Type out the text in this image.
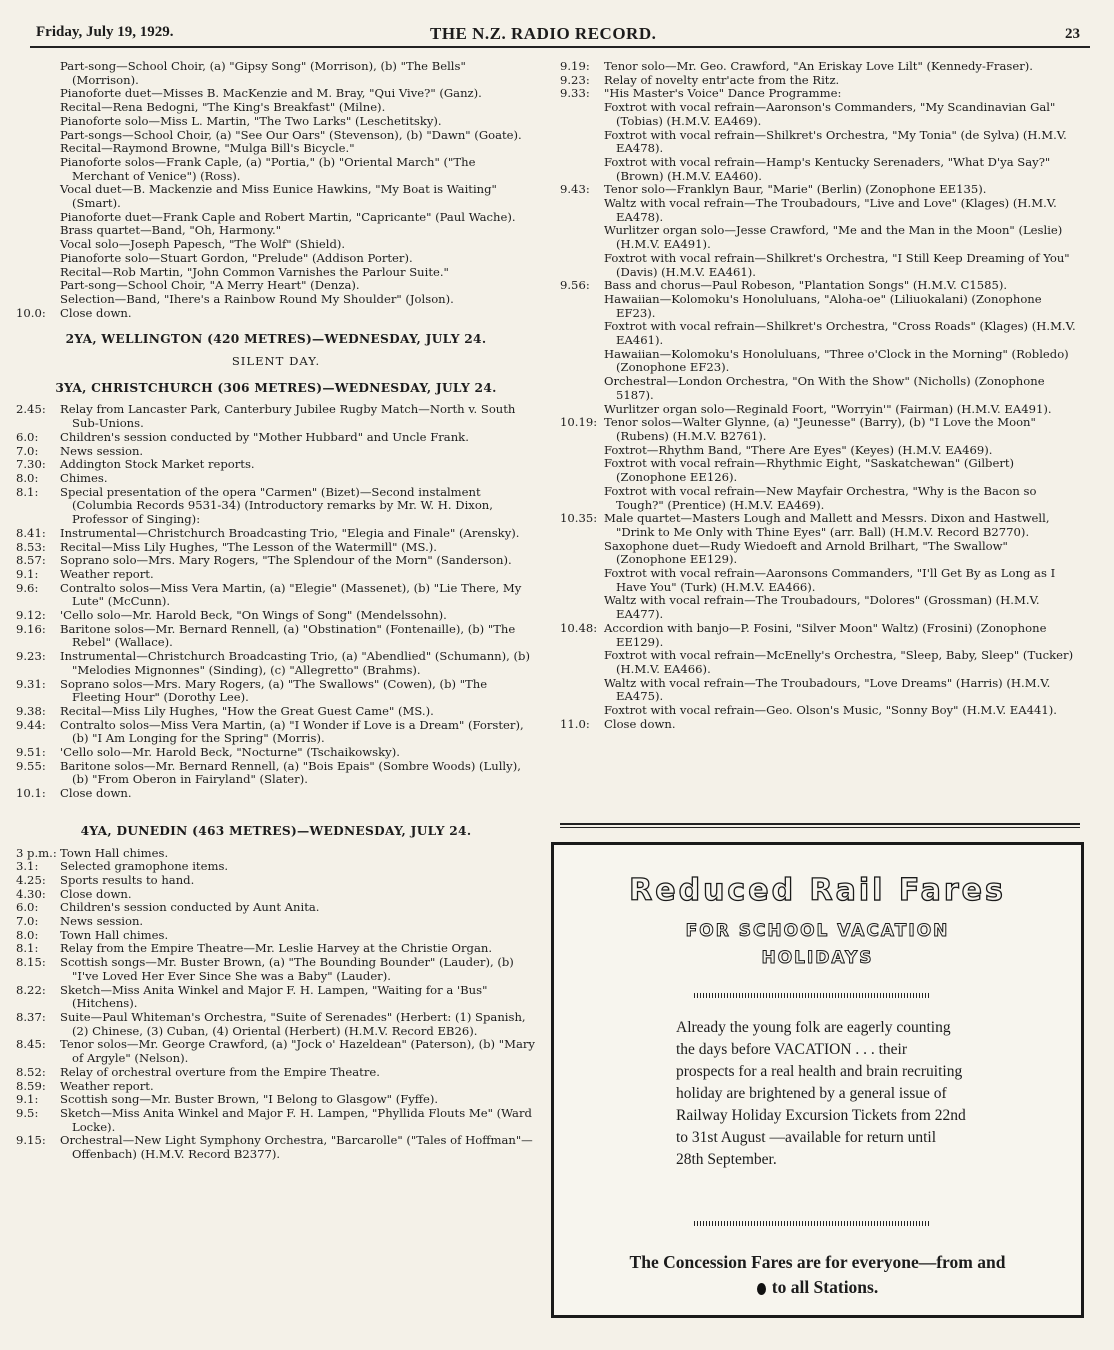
Friday, July 19, 1929.	THE N.Z. RADIO RECORD.	23
Part-song—School Choir, (a) "Gipsy Song" (Morrison), (b) "The Bells" (Morrison).
Pianoforte duet—Misses B. MacKenzie and M. Bray, "Qui Vive?" (Ganz).
Recital—Rena Bedogni, "The King's Breakfast" (Milne).
Pianoforte solo—Miss L. Martin, "The Two Larks" (Leschetitsky).
Part-songs—School Choir, (a) "See Our Oars" (Stevenson), (b) "Dawn" (Goate).
Recital—Raymond Browne, "Mulga Bill's Bicycle."
Pianoforte solos—Frank Caple, (a) "Portia," (b) "Oriental March" ("The Merchant of Venice") (Ross).
Vocal duet—B. Mackenzie and Miss Eunice Hawkins, "My Boat is Waiting" (Smart).
Pianoforte duet—Frank Caple and Robert Martin, "Capricante" (Paul Wache).
Brass quartet—Band, "Oh, Harmony."
Vocal solo—Joseph Papesch, "The Wolf" (Shield).
Pianoforte solo—Stuart Gordon, "Prelude" (Addison Porter).
Recital—Rob Martin, "John Common Varnishes the Parlour Suite."
Part-song—School Choir, "A Merry Heart" (Denza).
Selection—Band, "Ihere's a Rainbow Round My Shoulder" (Jolson).
10.0:	Close down.
2YA, WELLINGTON (420 METRES)—WEDNESDAY, JULY 24.
SILENT DAY.
3YA, CHRISTCHURCH (306 METRES)—WEDNESDAY, JULY 24.
2.45:	Relay from Lancaster Park, Canterbury Jubilee Rugby Match—North v. South Sub-Unions.
6.0:	Children's session conducted by "Mother Hubbard" and Uncle Frank.
7.0:	News session.
7.30:	Addington Stock Market reports.
8.0:	Chimes.
8.1:	Special presentation of the opera "Carmen" (Bizet)—Second instalment (Columbia Records 9531-34) (Introductory remarks by Mr. W. H. Dixon, Professor of Singing):
8.41:	Instrumental—Christchurch Broadcasting Trio, "Elegia and Finale" (Arensky).
8.53:	Recital—Miss Lily Hughes, "The Lesson of the Watermill" (MS.).
8.57:	Soprano solo—Mrs. Mary Rogers, "The Splendour of the Morn" (Sanderson).
9.1:	Weather report.
9.6:	Contralto solos—Miss Vera Martin, (a) "Elegie" (Massenet), (b) "Lie There, My Lute" (McCunn).
9.12:	'Cello solo—Mr. Harold Beck, "On Wings of Song" (Mendelssohn).
9.16:	Baritone solos—Mr. Bernard Rennell, (a) "Obstination" (Fontenaille), (b) "The Rebel" (Wallace).
9.23:	Instrumental—Christchurch Broadcasting Trio, (a) "Abendlied" (Schumann), (b) "Melodies Mignonnes" (Sinding), (c) "Allegretto" (Brahms).
9.31:	Soprano solos—Mrs. Mary Rogers, (a) "The Swallows" (Cowen), (b) "The Fleeting Hour" (Dorothy Lee).
9.38:	Recital—Miss Lily Hughes, "How the Great Guest Came" (MS.).
9.44:	Contralto solos—Miss Vera Martin, (a) "I Wonder if Love is a Dream" (Forster), (b) "I Am Longing for the Spring" (Morris).
9.51:	'Cello solo—Mr. Harold Beck, "Nocturne" (Tschaikowsky).
9.55:	Baritone solos—Mr. Bernard Rennell, (a) "Bois Epais" (Sombre Woods) (Lully), (b) "From Oberon in Fairyland" (Slater).
10.1:	Close down.
4YA, DUNEDIN (463 METRES)—WEDNESDAY, JULY 24.
3 p.m.: Town Hall chimes.
3.1:	Selected gramophone items.
4.25:	Sports results to hand.
4.30:	Close down.
6.0:	Children's session conducted by Aunt Anita.
7.0:	News session.
8.0:	Town Hall chimes.
8.1:	Relay from the Empire Theatre—Mr. Leslie Harvey at the Christie Organ.
8.15:	Scottish songs—Mr. Buster Brown, (a) "The Bounding Bounder" (Lauder), (b) "I've Loved Her Ever Since She was a Baby" (Lauder).
8.22:	Sketch—Miss Anita Winkel and Major F. H. Lampen, "Waiting for a 'Bus" (Hitchens).
8.37:	Suite—Paul Whiteman's Orchestra, "Suite of Serenades" (Herbert: (1) Spanish, (2) Chinese, (3) Cuban, (4) Oriental (Herbert) (H.M.V. Record EB26).
8.45:	Tenor solos—Mr. George Crawford, (a) "Jock o' Hazeldean" (Paterson), (b) "Mary of Argyle" (Nelson).
8.52:	Relay of orchestral overture from the Empire Theatre.
8.59:	Weather report.
9.1:	Scottish song—Mr. Buster Brown, "I Belong to Glasgow" (Fyffe).
9.5:	Sketch—Miss Anita Winkel and Major F. H. Lampen, "Phyllida Flouts Me" (Ward Locke).
9.15:	Orchestral—New Light Symphony Orchestra, "Barcarolle" ("Tales of Hoffman"—Offenbach) (H.M.V. Record B2377).
9.19:	Tenor solo—Mr. Geo. Crawford, "An Eriskay Love Lilt" (Kennedy-Fraser).
9.23:	Relay of novelty entr'acte from the Ritz.
9.33:	"His Master's Voice" Dance Programme:
Foxtrot with vocal refrain—Aaronson's Commanders, "My Scandinavian Gal" (Tobias) (H.M.V. EA469).
Foxtrot with vocal refrain—Shilkret's Orchestra, "My Tonia" (de Sylva) (H.M.V. EA478).
Foxtrot with vocal refrain—Hamp's Kentucky Serenaders, "What D'ya Say?" (Brown) (H.M.V. EA460).
9.43:	Tenor solo—Franklyn Baur, "Marie" (Berlin) (Zonophone EE135).
Waltz with vocal refrain—The Troubadours, "Live and Love" (Klages) (H.M.V. EA478).
Wurlitzer organ solo—Jesse Crawford, "Me and the Man in the Moon" (Leslie) (H.M.V. EA491).
Foxtrot with vocal refrain—Shilkret's Orchestra, "I Still Keep Dreaming of You" (Davis) (H.M.V. EA461).
9.56:	Bass and chorus—Paul Robeson, "Plantation Songs" (H.M.V. C1585).
Hawaiian—Kolomoku's Honoluluans, "Aloha-oe" (Liliuokalani) (Zonophone EF23).
Foxtrot with vocal refrain—Shilkret's Orchestra, "Cross Roads" (Klages) (H.M.V. EA461).
Hawaiian—Kolomoku's Honoluluans, "Three o'Clock in the Morning" (Robledo) (Zonophone EF23).
Orchestral—London Orchestra, "On With the Show" (Nicholls) (Zonophone 5187).
Wurlitzer organ solo—Reginald Foort, "Worryin'" (Fairman) (H.M.V. EA491).
10.19: Tenor solos—Walter Glynne, (a) "Jeunesse" (Barry), (b) "I Love the Moon" (Rubens) (H.M.V. B2761).
Foxtrot—Rhythm Band, "There Are Eyes" (Keyes) (H.M.V. EA469).
Foxtrot with vocal refrain—Rhythmic Eight, "Saskatchewan" (Gilbert) (Zonophone EE126).
Foxtrot with vocal refrain—New Mayfair Orchestra, "Why is the Bacon so Tough?" (Prentice) (H.M.V. EA469).
10.35: Male quartet—Masters Lough and Mallett and Messrs. Dixon and Hastwell, "Drink to Me Only with Thine Eyes" (arr. Ball) (H.M.V. Record B2770).
Saxophone duet—Rudy Wiedoeft and Arnold Brilhart, "The Swallow" (Zonophone EE129).
Foxtrot with vocal refrain—Aaronsons Commanders, "I'll Get By as Long as I Have You" (Turk) (H.M.V. EA466).
Waltz with vocal refrain—The Troubadours, "Dolores" (Grossman) (H.M.V. EA477).
10.48: Accordion with banjo—P. Fosini, "Silver Moon" Waltz) (Frosini) (Zonophone EE129).
Foxtrot with vocal refrain—McEnelly's Orchestra, "Sleep, Baby, Sleep" (Tucker) (H.M.V. EA466).
Waltz with vocal refrain—The Troubadours, "Love Dreams" (Harris) (H.M.V. EA475).
Foxtrot with vocal refrain—Geo. Olson's Music, "Sonny Boy" (H.M.V. EA441).
11.0:	Close down.
Reduced Rail Fares
FOR SCHOOL VACATION
HOLIDAYS
Already the young folk are eagerly counting the days before VACATION . . . their prospects for a real health and brain recruiting holiday are brightened by a general issue of Railway Holiday Excursion Tickets from 22nd to 31st August —available for return until 28th September.
The Concession Fares are for everyone—from and
to all Stations.
